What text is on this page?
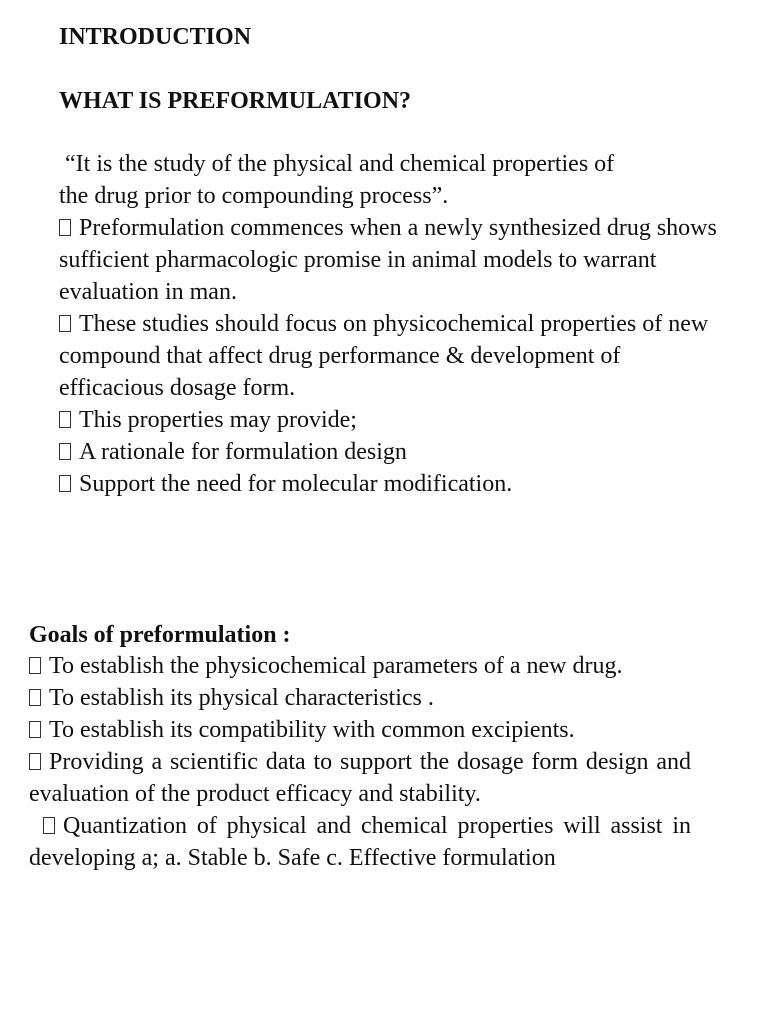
INTRODUCTION
WHAT IS PREFORMULATION?

“It is the study of the physical and chemical properties of

the drug prior to compounding process”.

Preformulation commences when a newly synthesized drug shows sufficient pharmacologic promise in animal models to warrant evaluation in man.

These studies should focus on physicochemical properties of new compound that affect drug performance & development of efficacious dosage form.

This properties may provide;

A rationale for formulation design

Support the need for molecular modification.

Goals of preformulation :

To establish the physicochemical parameters of a new drug.

To establish its physical characteristics .

To establish its compatibility with common excipients.

Providing a scientific data to support the dosage form design and evaluation of the product efficacy and stability.

Quantization of physical and chemical properties will assist in developing a; a. Stable b. Safe c. Effective formulation
